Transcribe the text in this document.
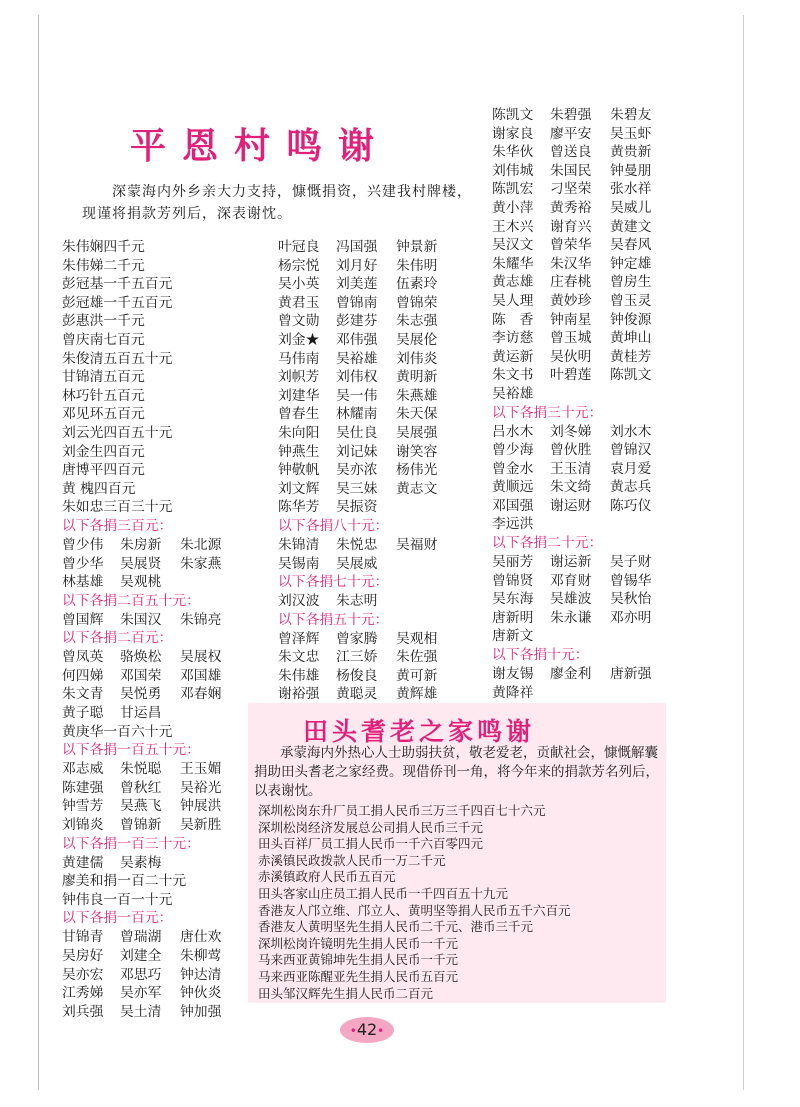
平恩村鸣谢
深蒙海内外乡亲大力支持，慷慨捐资，兴建我村牌楼，现谨将捐款芳列后，深表谢忱。
朱伟娴四千元
朱伟娣二千元
彭冠基一千五百元
彭冠雄一千五百元
彭惠洪一千元
曾庆南七百元
朱俊清五百五十元
甘锦清五百元
林巧针五百元
邓见环五百元
刘云光四百五十元
刘金生四百元
唐博平四百元
黄 槐四百元
朱如忠三百三十元
以下各捐三百元：
曾少伟	朱房新	朱北源
曾少华	吴展贤	朱家燕
林基雄	吴观桃
以下各捐二百五十元：
曾国辉	朱国汉	朱锦亮
以下各捐二百元：
曾凤英	骆焕松	吴展权
何四娣	邓国荣	邓国雄
朱文青	吴悦勇	邓春娴
黄子聪	甘运昌
黄庚华一百六十元
以下各捐一百五十元：
邓志威	朱悦聪	王玉媚
陈建强	曾秋红	吴裕光
钟雪芳	吴燕飞	钟展洪
刘锦炎	曾锦新	吴新胜
以下各捐一百三十元：
黄建儒	吴素梅
廖美和捐一百二十元
钟伟良一百一十元
以下各捐一百元：
甘锦青	曾瑞湖	唐仕欢
吴房好	刘建全	朱柳莺
吴亦宏	邓思巧	钟达清
江秀娣	吴亦军	钟伙炎
刘兵强	吴土清	钟加强
叶冠良	冯国强	钟景新
杨宗悦	刘月好	朱伟明
吴小英	刘美莲	伍素玲
黄君玉	曾锦南	曾锦荣
曾文勋	彭建芬	朱志强
刘金★	邓伟强	吴展伦
马伟南	吴裕雄	刘伟炎
刘帜芳	刘伟权	黄明新
刘建华	吴一伟	朱燕雄
曾春生	林耀南	朱天保
朱向阳	吴仕良	吴展强
钟燕生	刘记妹	谢笑容
钟敬帆	吴亦浓	杨伟光
刘文辉	吴三妹	黄志文
陈华芳	吴振资
以下各捐八十元：
朱锦清	朱悦忠	吴福财
吴锡南	吴展威
以下各捐七十元：
刘汉波	朱志明
以下各捐五十元：
曾泽辉	曾家腾	吴观相
朱文忠	江三娇	朱佐强
朱伟雄	杨俊良	黄可新
谢裕强	黄聪灵	黄辉雄
陈凯文	朱碧强	朱碧友
谢家良	廖平安	吴玉虾
朱华伙	曾送良	黄贵新
刘伟城	朱国民	钟曼朋
陈凯宏	刁坚荣	张水祥
黄小萍	黄秀裕	吴威儿
王木兴	谢育兴	黄建文
吴汉文	曾荣华	吴春风
朱耀华	朱汉华	钟定雄
黄志雄	庄春桃	曾房生
吴人理	黄妙珍	曾玉灵
陈　香	钟南星	钟俊源
李访慈	曾玉城	黄坤山
黄运新	吴伙明	黄桂芳
朱文书	叶碧莲	陈凯文
吴裕雄
以下各捐三十元：
吕水木	刘冬娣	刘水木
曾少海	曾伙胜	曾锦汉
曾金水	王玉清	袁月爱
黄顺远	朱文绮	黄志兵
邓国强	谢运财	陈巧仪
李远洪
以下各捐二十元：
吴丽芳	谢运新	吴子财
曾锦贤	邓育财	曾锡华
吴东海	吴雄波	吴秋怡
唐新明	朱永谦	邓亦明
唐新文
以下各捐十元：
谢友锡	廖金利	唐新强
黄降祥
田头耆老之家鸣谢
承蒙海内外热心人士助弱扶贫，敬老爱老，贡献社会，慷慨解囊捐助田头耆老之家经费。现借侨刊一角，将今年来的捐款芳名列后，以表谢忱。
深圳松岗东升厂员工捐人民币三万三千四百七十六元
深圳松岗经济发展总公司捐人民币三千元
田头百祥厂员工捐人民币一千六百零四元
赤溪镇民政拨款人民币一万二千元
赤溪镇政府人民币五百元
田头客家山庄员工捐人民币一千四百五十九元
香港友人邝立维、邝立人、黄明坚等捐人民币五千六百元
香港友人黄明坚先生捐人民币二千元、港币三千元
深圳松岗许镜明先生捐人民币一千元
马来西亚黄锦坤先生捐人民币一千元
马来西亚陈醒亚先生捐人民币五百元
田头邹汉辉先生捐人民币二百元
•42•
